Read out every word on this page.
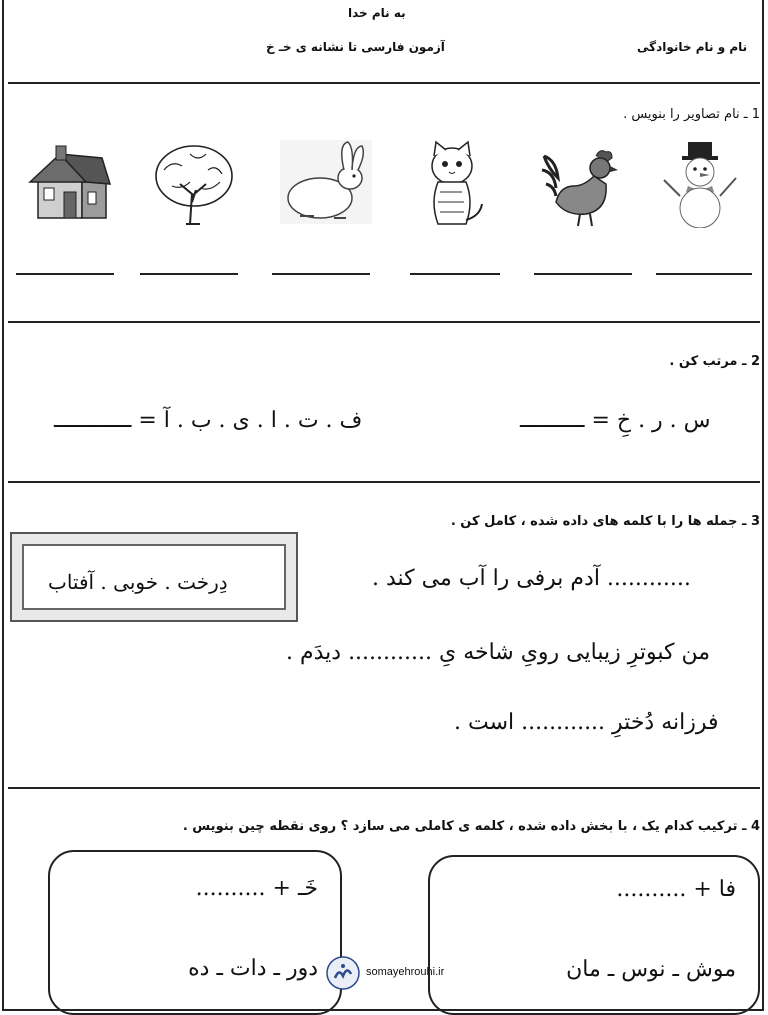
به نام خدا
آزمون فارسی تا نشانه ی خـ خ	نام و نام خانوادگی
1 ـ نام تصاویر را بنویس .
2 ـ مرتب کن .
س . ر . خِ = ــــــــــ
ف . ت . ا . ی . ب . آ = ــــــــــــ
3 ـ جمله ها را با کلمه های داده شده ، کامل کن .
دِرخت . خوبی . آفتاب	............ آدم برفی را آب می کند .
من کبوترِ زیبایی رویِ شاخه یِ ............ دیدَم .
فرزانه دُخترِ ............ است .
4 ـ ترکیب کدام یک ، با بخش داده شده ، کلمه ی کاملی می سازد ؟ روی نقطه چین بنویس .
فا + ..........
موش ـ نوس ـ مان
خَـ + ..........
دور ـ دات ـ ده	somayehrouhi.ir
